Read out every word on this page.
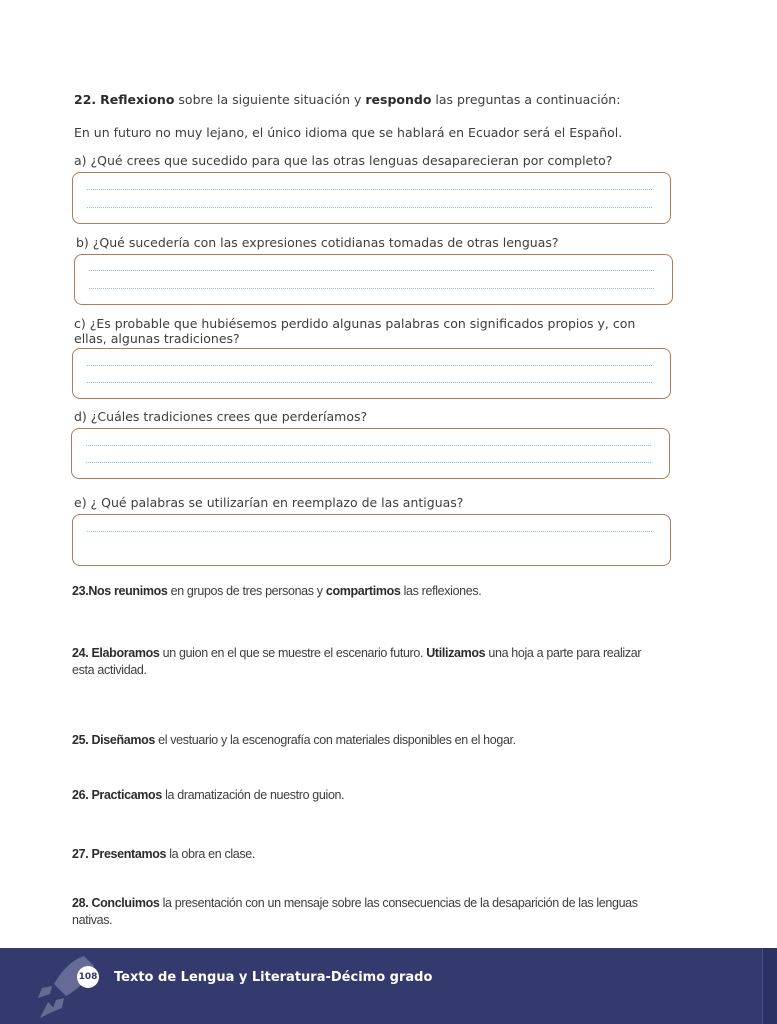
22. Reflexiono sobre la siguiente situación y respondo las preguntas a continuación:

En un futuro no muy lejano, el único idioma que se hablará en Ecuador será el Español.

a) ¿Qué crees que sucedido para que las otras lenguas desaparecieran por completo?

b) ¿Qué sucedería con las expresiones cotidianas tomadas de otras lenguas?

c) ¿Es probable que hubiésemos perdido algunas palabras con significados propios y, con

ellas, algunas tradiciones?

d) ¿Cuáles tradiciones crees que perderíamos?

e) ¿ Qué palabras se utilizarían en reemplazo de las antiguas?

23.Nos reunimos en grupos de tres personas y compartimos las reflexiones.

24. Elaboramos un guion en el que se muestre el escenario futuro. Utilizamos una hoja a parte para realizar

esta actividad.

25. Diseñamos el vestuario y la escenografía con materiales disponibles en el hogar.

26. Practicamos la dramatización de nuestro guion.

27. Presentamos la obra en clase.

28. Concluimos la presentación con un mensaje sobre las consecuencias de la desaparición de las lenguas

nativas.

108 Texto de Lengua y Literatura-Décimo grado
